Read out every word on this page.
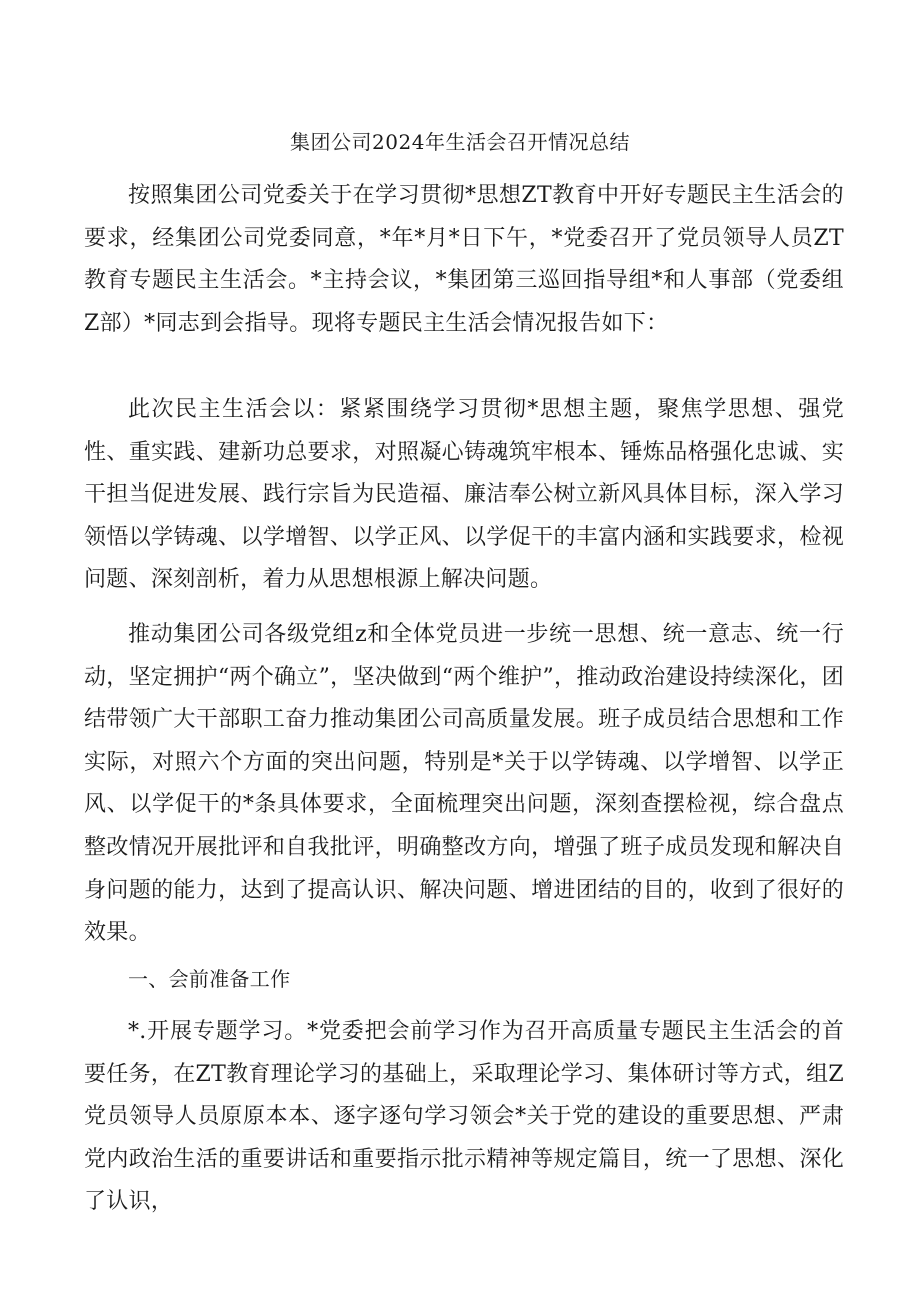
集团公司2024年生活会召开情况总结

按照集团公司党委关于在学习贯彻*思想ZT教育中开好专题民主生活会的要求，经集团公司党委同意，*年*月*日下午，*党委召开了党员领导人员ZT教育专题民主生活会。*主持会议，*集团第三巡回指导组*和人事部（党委组Z部）*同志到会指导。现将专题民主生活会情况报告如下：

此次民主生活会以：紧紧围绕学习贯彻*思想主题，聚焦学思想、强党性、重实践、建新功总要求，对照凝心铸魂筑牢根本、锤炼品格强化忠诚、实干担当促进发展、践行宗旨为民造福、廉洁奉公树立新风具体目标，深入学习领悟以学铸魂、以学增智、以学正风、以学促干的丰富内涵和实践要求，检视问题、深刻剖析，着力从思想根源上解决问题。

推动集团公司各级党组z和全体党员进一步统一思想、统一意志、统一行动，坚定拥护“两个确立”，坚决做到“两个维护”，推动政治建设持续深化，团结带领广大干部职工奋力推动集团公司高质量发展。班子成员结合思想和工作实际，对照六个方面的突出问题，特别是*关于以学铸魂、以学增智、以学正风、以学促干的*条具体要求，全面梳理突出问题，深刻查摆检视，综合盘点整改情况开展批评和自我批评，明确整改方向，增强了班子成员发现和解决自身问题的能力，达到了提高认识、解决问题、增进团结的目的，收到了很好的效果。

一、会前准备工作

*.开展专题学习。*党委把会前学习作为召开高质量专题民主生活会的首要任务，在ZT教育理论学习的基础上，采取理论学习、集体研讨等方式，组Z党员领导人员原原本本、逐字逐句学习领会*关于党的建设的重要思想、严肃党内政治生活的重要讲话和重要指示批示精神等规定篇目，统一了思想、深化了认识，
